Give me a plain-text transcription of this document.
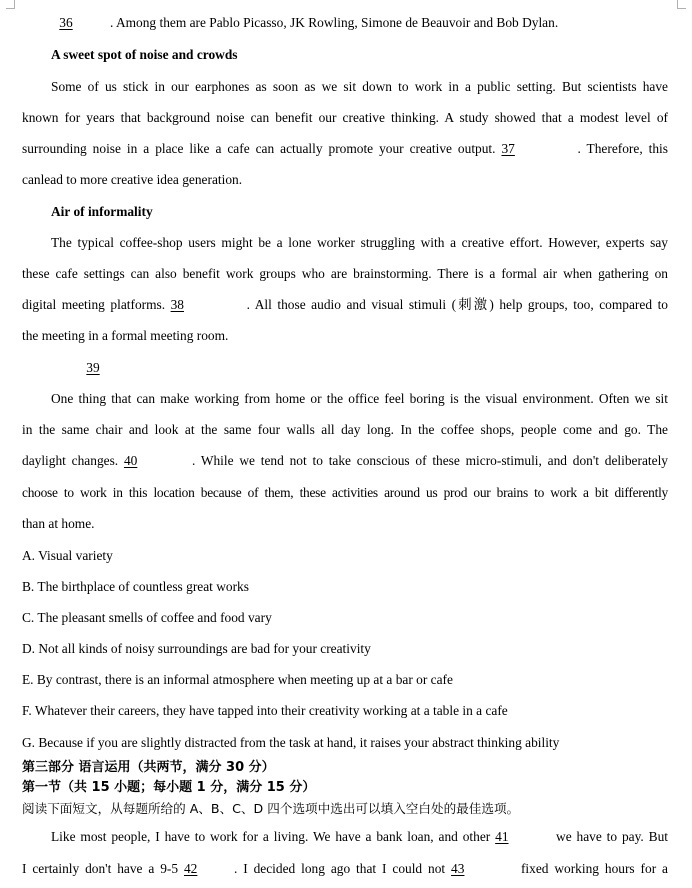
36	. Among them are Pablo Picasso, JK Rowling, Simone de Beauvoir and Bob Dylan.
A sweet spot of noise and crowds
Some of us stick in our earphones as soon as we sit down to work in a public setting. But scientists have
known for years that background noise can benefit our creative thinking. A study showed that a modest level of
surrounding noise in a place like a cafe can actually promote your creative output. 37	. Therefore, this
canlead to more creative idea generation.
Air of informality
The typical coffee-shop users might be a lone worker struggling with a creative effort. However, experts say
these cafe settings can also benefit work groups who are brainstorming. There is a formal air when gathering on
digital meeting platforms. 38	. All those audio and visual stimuli (刺激) help groups, too, compared to
the meeting in a formal meeting room.
39
One thing that can make working from home or the office feel boring is the visual environment. Often we sit
in the same chair and look at the same four walls all day long. In the coffee shops, people come and go. The
daylight changes. 40	. While we tend not to take conscious of these micro-stimuli, and don't deliberately
choose to work in this location because of them, these activities around us prod our brains to work a bit differently
than at home.
A. Visual variety
B. The birthplace of countless great works
C. The pleasant smells of coffee and food vary
D. Not all kinds of noisy surroundings are bad for your creativity
E. By contrast, there is an informal atmosphere when meeting up at a bar or cafe
F. Whatever their careers, they have tapped into their creativity working at a table in a cafe
G. Because if you are slightly distracted from the task at hand, it raises your abstract thinking ability
第三部分 语言运用（共两节，满分 30 分）
第一节（共 15 小题；每小题 1 分，满分 15 分）
阅读下面短文，从每题所给的 A、B、C、D 四个选项中选出可以填入空白处的最佳选项。
Like most people, I have to work for a living. We have a bank loan, and other 41	we have to pay. But
I certainly don't have a 9-5 42	. I decided long ago that I could not 43	fixed working hours for a
